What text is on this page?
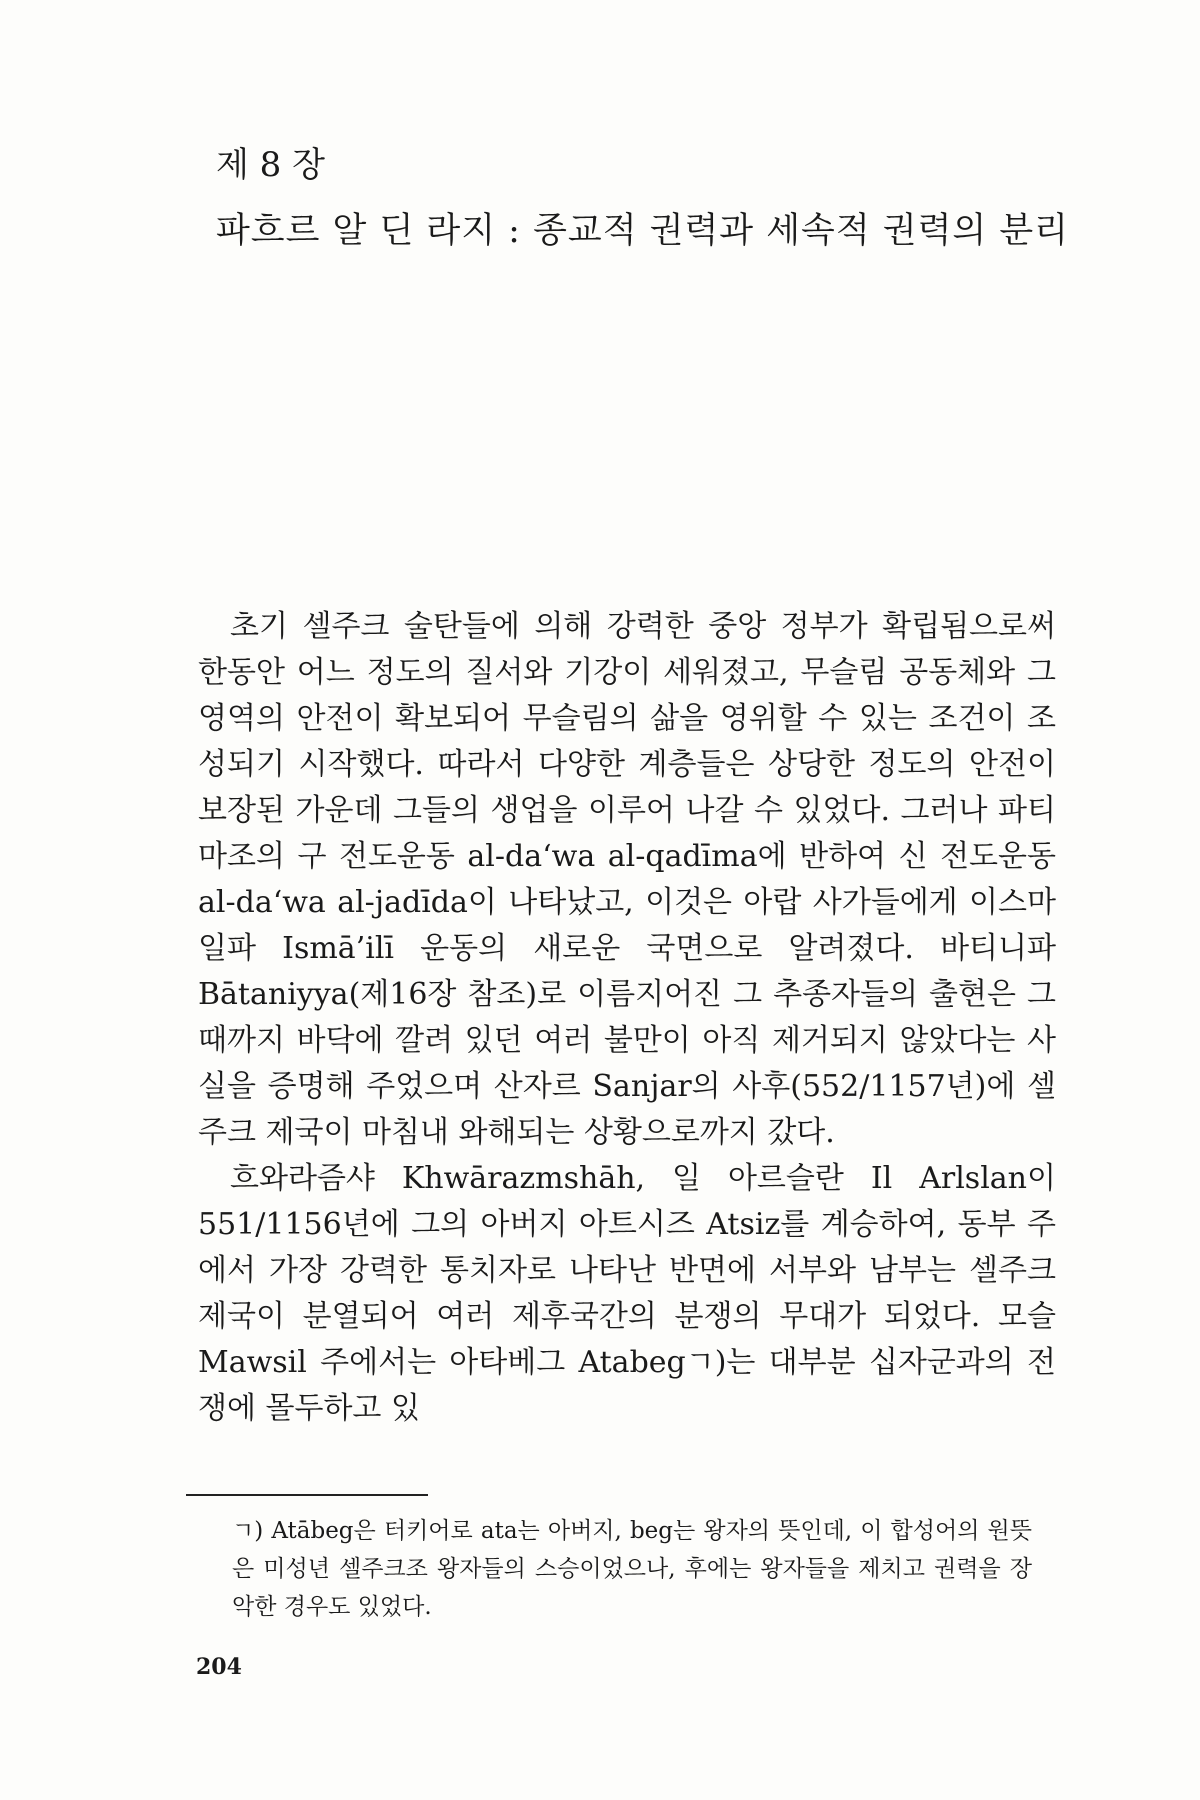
제 8 장
파흐르 알 딘 라지 : 종교적 권력과 세속적 권력의 분리

초기 셀주크 술탄들에 의해 강력한 중앙 정부가 확립됨으로써 한동안 어느 정도의 질서와 기강이 세워졌고, 무슬림 공동체와 그 영역의 안전이 확보되어 무슬림의 삶을 영위할 수 있는 조건이 조성되기 시작했다. 따라서 다양한 계층들은 상당한 정도의 안전이 보장된 가운데 그들의 생업을 이루어 나갈 수 있었다. 그러나 파티마조의 구 전도운동 al-da‘wa al-qadīma에 반하여 신 전도운동 al-da‘wa al-jadīda이 나타났고, 이것은 아랍 사가들에게 이스마일파 Ismā’ilī 운동의 새로운 국면으로 알려졌다. 바티니파 Bātaniyya(제16장 참조)로 이름지어진 그 추종자들의 출현은 그때까지 바닥에 깔려 있던 여러 불만이 아직 제거되지 않았다는 사실을 증명해 주었으며 산자르 Sanjar의 사후(552/1157년)에 셀주크 제국이 마침내 와해되는 상황으로까지 갔다.

흐와라즘샤 Khwārazmshāh, 일 아르슬란 Il Arlslan이 551/1156년에 그의 아버지 아트시즈 Atsiz를 계승하여, 동부 주에서 가장 강력한 통치자로 나타난 반면에 서부와 남부는 셀주크제국이 분열되어 여러 제후국간의 분쟁의 무대가 되었다. 모슬 Mawsil 주에서는 아타베그 Atabegㄱ)는 대부분 십자군과의 전쟁에 몰두하고 있

ㄱ) Atābeg은 터키어로 ata는 아버지, beg는 왕자의 뜻인데, 이 합성어의 원뜻은 미성년 셀주크조 왕자들의 스승이었으나, 후에는 왕자들을 제치고 권력을 장악한 경우도 있었다.

204
